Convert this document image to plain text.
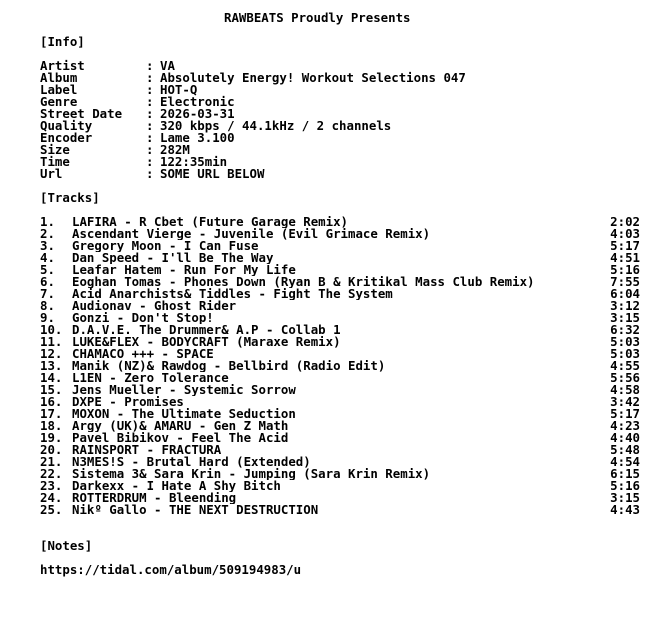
RAWBEATS Proudly Presents
[Info]
Artist	: VA
Album	: Absolutely Energy! Workout Selections 047
Label	: HOT-Q
Genre	: Electronic
Street Date	: 2026-03-31
Quality	: 320 kbps / 44.1kHz / 2 channels
Encoder	: Lame 3.100
Size	: 282M
Time	: 122:35min
Url	: SOME URL BELOW
[Tracks]
1.	LAFIRA - R Cbet (Future Garage Remix)	2:02
2.	Ascendant Vierge - Juvenile (Evil Grimace Remix)	4:03
3.	Gregory Moon - I Can Fuse	5:17
4.	Dan Speed - I'll Be The Way	4:51
5.	Leafar Hatem - Run For My Life	5:16
6.	Eoghan Tomas - Phones Down (Ryan B & Kritikal Mass Club Remix)	7:55
7.	Acid Anarchists& Tiddles - Fight The System	6:04
8.	Audionav - Ghost Rider	3:12
9.	Gonzi - Don't Stop!	3:15
10. D.A.V.E. The Drummer& A.P - Collab 1	6:32
11. LUKE&FLEX - BODYCRAFT (Maraxe Remix)	5:03
12. CHAMACO +++ - SPACE	5:03
13. Manik (NZ)& Rawdog - Bellbird (Radio Edit)	4:55
14. L1EN - Zero Tolerance	5:56
15. Jens Mueller - Systemic Sorrow	4:58
16. DXPE - Promises	3:42
17. MOXON - The Ultimate Seduction	5:17
18. Argy (UK)& AMARU - Gen Z Math	4:23
19. Pavel Bibikov - Feel The Acid	4:40
20. RAINSPORT - FRACTURA	5:48
21. N3MES!S - Brutal Hard (Extended)	4:54
22. Sistema 3& Sara Krin - Jumping (Sara Krin Remix)	6:15
23. Darkexx - I Hate A Shy Bitch	5:16
24. ROTTERDRUM - Bleending	3:15
25. Nikº Gallo - THE NEXT DESTRUCTION	4:43
[Notes]
https://tidal.com/album/509194983/u
